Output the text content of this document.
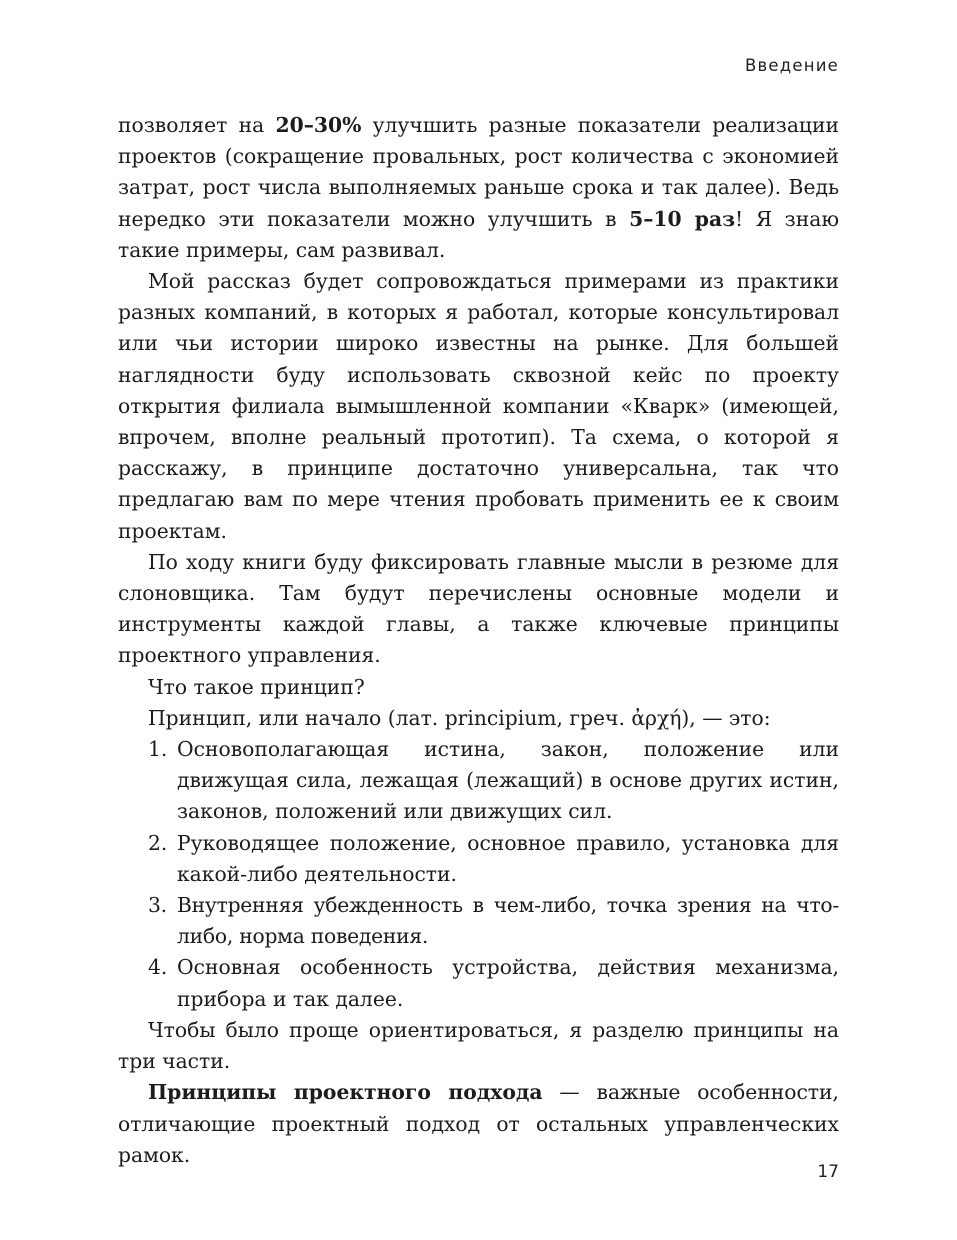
Введение

позволяет на 20–30% улучшить разные показатели реализации проектов (сокращение провальных, рост количества с экономией затрат, рост числа выполняемых раньше срока и так далее). Ведь нередко эти показатели можно улучшить в 5–10 раз! Я знаю такие примеры, сам развивал.

Мой рассказ будет сопровождаться примерами из практики разных компаний, в которых я работал, которые консультировал или чьи истории широко известны на рынке. Для большей наглядности буду использовать сквозной кейс по проекту открытия филиала вымышленной компании «Кварк» (имеющей, впрочем, вполне реальный прототип). Та схема, о которой я расскажу, в принципе достаточно универсальна, так что предлагаю вам по мере чтения пробовать применить ее к своим проектам.

По ходу книги буду фиксировать главные мысли в резюме для слоновщика. Там будут перечислены основные модели и инструменты каждой главы, а также ключевые принципы проектного управления.

Что такое принцип?

Принцип, или начало (лат. principium, греч. ἀρχή), — это:

1. Основополагающая истина, закон, положение или движущая сила, лежащая (лежащий) в основе других истин, законов, положений или движущих сил.
2. Руководящее положение, основное правило, установка для какой-либо деятельности.
3. Внутренняя убежденность в чем-либо, точка зрения на что-либо, норма поведения.
4. Основная особенность устройства, действия механизма, прибора и так далее.

Чтобы было проще ориентироваться, я разделю принципы на три части.

Принципы проектного подхода — важные особенности, отличающие проектный подход от остальных управленческих рамок.

17
